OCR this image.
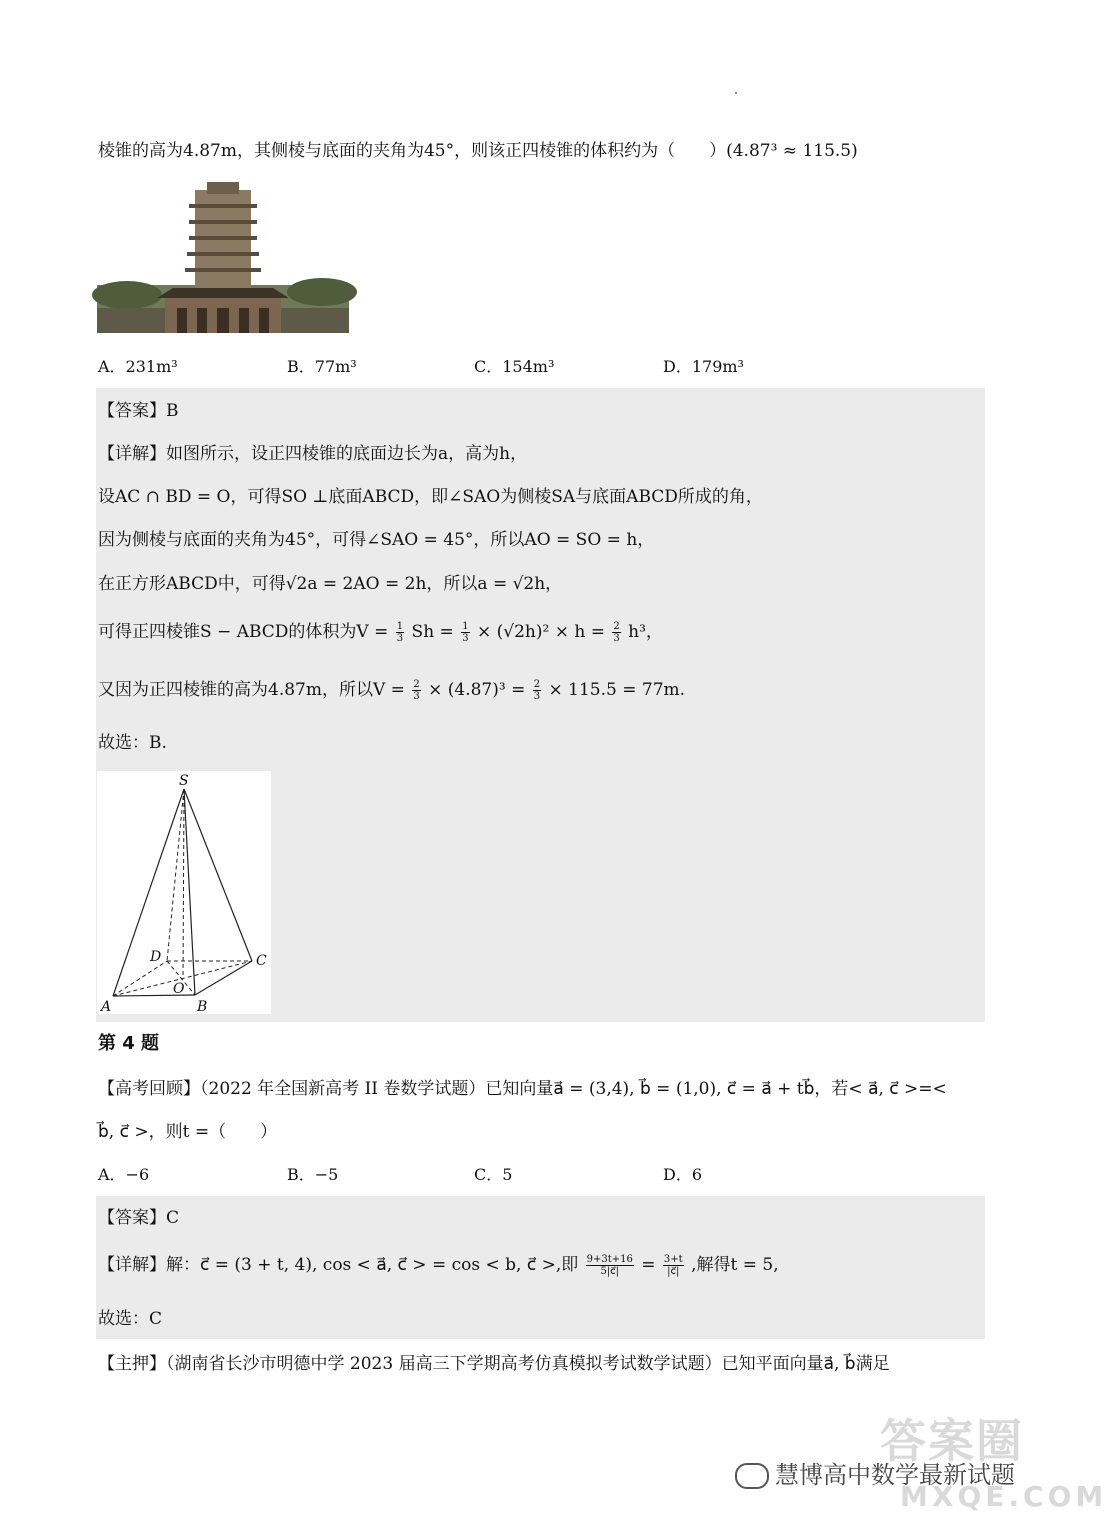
棱锥的高为4.87m，其侧棱与底面的夹角为45°，则该正四棱锥的体积约为（　　）(4.87³ ≈ 115.5)
A．231m³	B．77m³	C．154m³	D．179m³
【答案】B
【详解】如图所示，设正四棱锥的底面边长为a，高为h，
设AC ∩ BD = O，可得SO ⊥底面ABCD，即∠SAO为侧棱SA与底面ABCD所成的角，
因为侧棱与底面的夹角为45°，可得∠SAO = 45°，所以AO = SO = h，
在正方形ABCD中，可得√2a = 2AO = 2h，所以a = √2h，
可得正四棱锥S − ABCD的体积为$V = \frac{1}{3}$ $Sh = \frac{1}{3} \times (√2h)^2 \times h = \frac{2}{3} h^3$，
又因为正四棱锥的高为4.87m，所以$V = \frac{2}{3} \times (4.87)^3 = \frac{2}{3} \times 115.5 = 77m$.
故选：B.
S
D	C
O
A	B
第 4 题
【高考回顾】（2022 年全国新高考 II 卷数学试题）已知向量a⃗ = (3,4), b⃗ = (1,0), c⃗ = a⃗ + tb⃗，若< a⃗, c⃗ >=<
b⃗, c⃗ >，则t =（　　）
A．−6	B．−5	C．5	D．6
【答案】C
【详解】解：c⃗ = (3 + t, 4), cos < a⃗, c⃗ > = cos < b, c⃗ >,即 $\frac{9+3t+16}{5|c⃗|} = \frac{3+t}{|c⃗|}$ ,解得t = 5,
故选：C
【主押】（湖南省长沙市明德中学 2023 届高三下学期高考仿真模拟考试数学试题）已知平面向量a⃗, b⃗满足
答案圈
MXQE.COM
慧博高中数学最新试题
